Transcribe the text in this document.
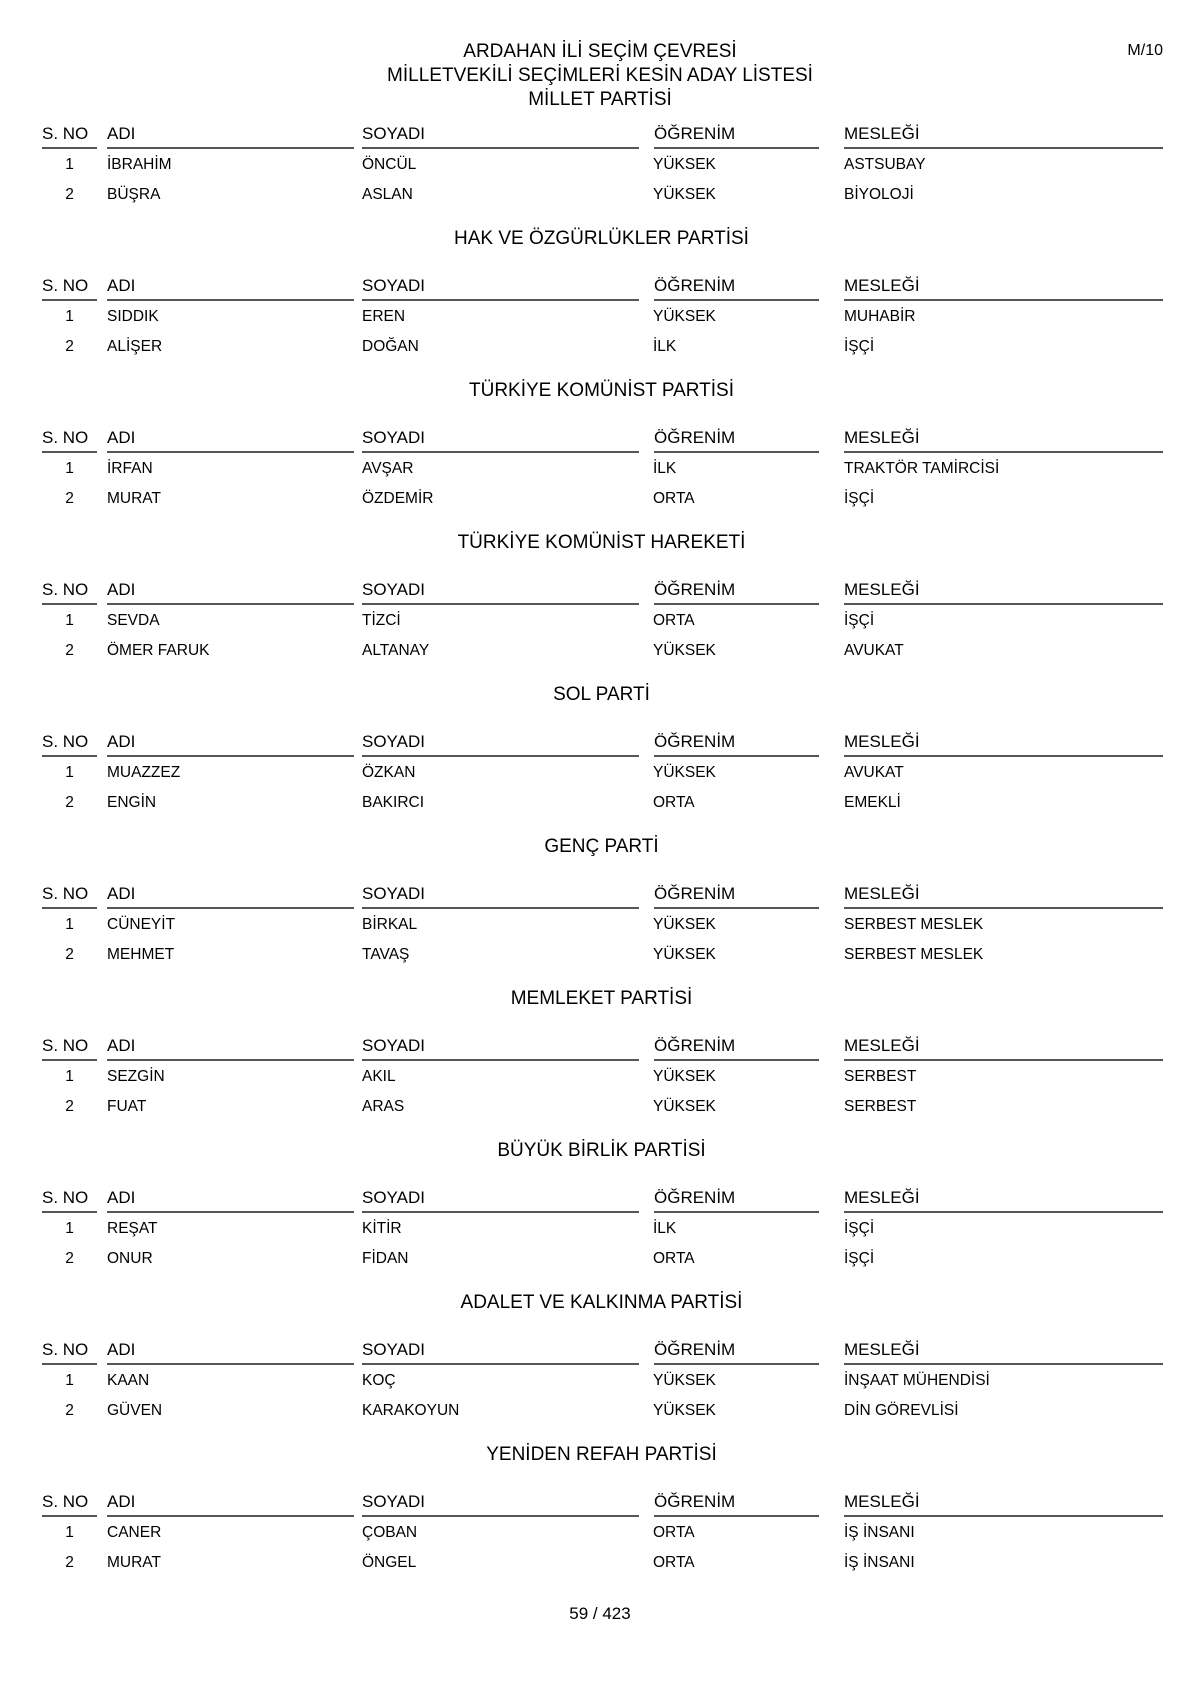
ARDAHAN İLİ SEÇİM ÇEVRESİ
MİLLETVEKİLİ SEÇİMLERİ KESİN ADAY LİSTESİ
MİLLET PARTİSİ
M/10
S. NO	ADI	SOYADI	ÖĞRENİM	MESLEĞİ
1	İBRAHİM	ÖNCÜL	YÜKSEK	ASTSUBAY
2	BÜŞRA	ASLAN	YÜKSEK	BİYOLOJİ
HAK VE ÖZGÜRLÜKLER PARTİSİ
S. NO	ADI	SOYADI	ÖĞRENİM	MESLEĞİ
1	SIDDIK	EREN	YÜKSEK	MUHABİR
2	ALİŞER	DOĞAN	İLK	İŞÇİ
TÜRKİYE KOMÜNİST PARTİSİ
S. NO	ADI	SOYADI	ÖĞRENİM	MESLEĞİ
1	İRFAN	AVŞAR	İLK	TRAKTÖR TAMİRCİSİ
2	MURAT	ÖZDEMİR	ORTA	İŞÇİ
TÜRKİYE KOMÜNİST HAREKETİ
S. NO	ADI	SOYADI	ÖĞRENİM	MESLEĞİ
1	SEVDA	TİZCİ	ORTA	İŞÇİ
2	ÖMER FARUK	ALTANAY	YÜKSEK	AVUKAT
SOL PARTİ
S. NO	ADI	SOYADI	ÖĞRENİM	MESLEĞİ
1	MUAZZEZ	ÖZKAN	YÜKSEK	AVUKAT
2	ENGİN	BAKIRCI	ORTA	EMEKLİ
GENÇ PARTİ
S. NO	ADI	SOYADI	ÖĞRENİM	MESLEĞİ
1	CÜNEYİT	BİRKAL	YÜKSEK	SERBEST MESLEK
2	MEHMET	TAVAŞ	YÜKSEK	SERBEST MESLEK
MEMLEKET PARTİSİ
S. NO	ADI	SOYADI	ÖĞRENİM	MESLEĞİ
1	SEZGİN	AKIL	YÜKSEK	SERBEST
2	FUAT	ARAS	YÜKSEK	SERBEST
BÜYÜK BİRLİK PARTİSİ
S. NO	ADI	SOYADI	ÖĞRENİM	MESLEĞİ
1	REŞAT	KİTİR	İLK	İŞÇİ
2	ONUR	FİDAN	ORTA	İŞÇİ
ADALET VE KALKINMA PARTİSİ
S. NO	ADI	SOYADI	ÖĞRENİM	MESLEĞİ
1	KAAN	KOÇ	YÜKSEK	İNŞAAT MÜHENDİSİ
2	GÜVEN	KARAKOYUN	YÜKSEK	DİN GÖREVLİSİ
YENİDEN REFAH PARTİSİ
S. NO	ADI	SOYADI	ÖĞRENİM	MESLEĞİ
1	CANER	ÇOBAN	ORTA	İŞ İNSANI
2	MURAT	ÖNGEL	ORTA	İŞ İNSANI
59 / 423
